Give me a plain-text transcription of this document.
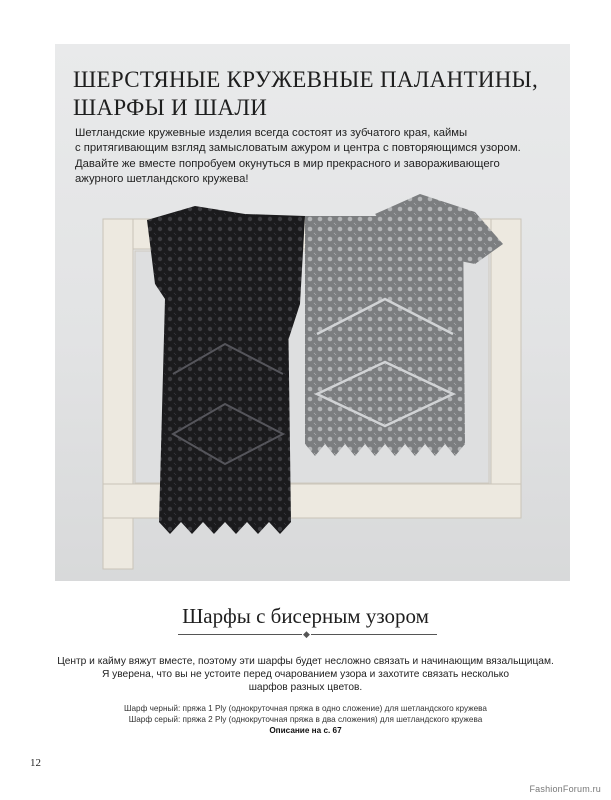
ШЕРСТЯНЫЕ КРУЖЕВНЫЕ ПАЛАНТИНЫ,
ШАРФЫ И ШАЛИ

Шетландские кружевные изделия всегда состоят из зубчатого края, каймы
с притягивающим взгляд замысловатым ажуром и центра с повторяющимся узором.
Давайте же вместе попробуем окунуться в мир прекрасного и завораживающего
ажурного шетландского кружева!

Шарфы с бисерным узором
◆
Центр и кайму вяжут вместе, поэтому эти шарфы будет несложно связать и начинающим вязальщицам.
Я уверена, что вы не устоите перед очарованием узора и захотите связать несколько
шарфов разных цветов.
Шарф черный: пряжа 1 Ply (однокруточная пряжа в одно сложение) для шетландского кружева
Шарф серый: пряжа 2 Ply (однокруточная пряжа в два сложения) для шетландского кружева
Описание на с. 67
12
FashionForum.ru
